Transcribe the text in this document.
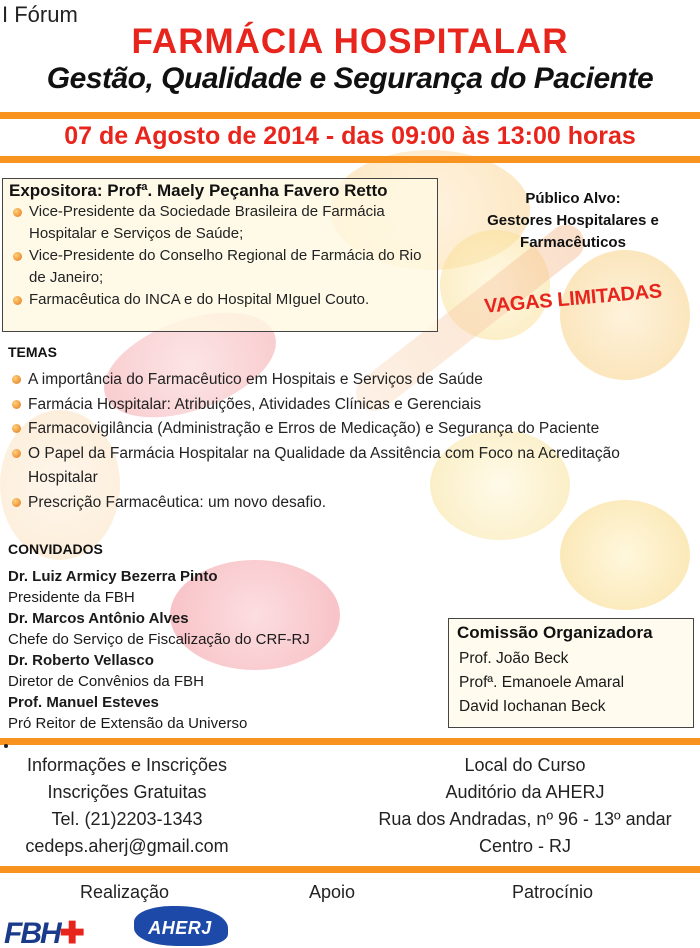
I Fórum
FARMÁCIA HOSPITALAR
Gestão, Qualidade e Segurança do Paciente
07 de Agosto de 2014 - das 09:00 às 13:00 horas
Expositora: Profª. Maely Peçanha Favero Retto
Vice-Presidente da Sociedade Brasileira de Farmácia Hospitalar e Serviços de Saúde;
Vice-Presidente do Conselho Regional de Farmácia do Rio de Janeiro;
Farmacêutica do INCA e do Hospital MIguel Couto.
Público Alvo:
Gestores Hospitalares e
Farmacêuticos
VAGAS LIMITADAS
TEMAS
A importância do Farmacêutico em Hospitais e Serviços de Saúde
Farmácia Hospitalar: Atribuições, Atividades Clínicas e Gerenciais
Farmacovigilância (Administração e Erros de Medicação) e Segurança do Paciente
O Papel da Farmácia Hospitalar na Qualidade da Assitência com Foco na Acreditação Hospitalar
Prescrição Farmacêutica: um novo desafio.
CONVIDADOS
Dr. Luiz Armicy Bezerra Pinto
Presidente da FBH
Dr. Marcos Antônio Alves
Chefe do Serviço de Fiscalização do CRF-RJ
Dr. Roberto Vellasco
Diretor de Convênios da FBH
Prof. Manuel Esteves
Pró Reitor de Extensão da Universo
Comissão Organizadora
Prof. João Beck
Profª. Emanoele Amaral
David Iochanan Beck
Informações e Inscrições
Inscrições Gratuitas
Tel. (21)2203-1343
cedeps.aherj@gmail.com
Local do Curso
Auditório da AHERJ
Rua dos Andradas, nº 96 - 13º andar
Centro - RJ
Realização	Apoio	Patrocínio
FBH✚	AHERJ
